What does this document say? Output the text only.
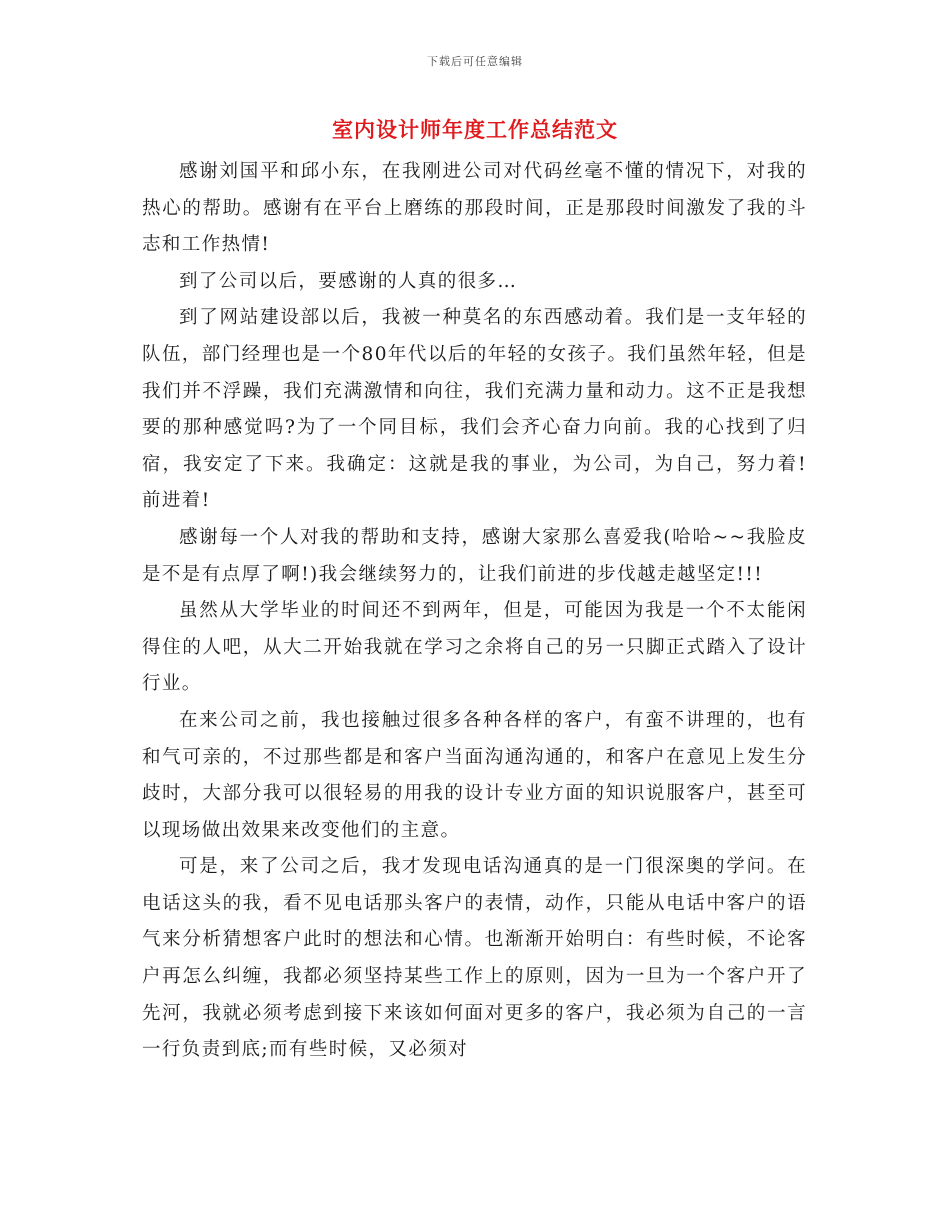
下载后可任意编辑
室内设计师年度工作总结范文

感谢刘国平和邱小东，在我刚进公司对代码丝毫不懂的情况下，对我的热心的帮助。感谢有在平台上磨练的那段时间，正是那段时间激发了我的斗志和工作热情!

到了公司以后，要感谢的人真的很多…

到了网站建设部以后，我被一种莫名的东西感动着。我们是一支年轻的队伍，部门经理也是一个80年代以后的年轻的女孩子。我们虽然年轻，但是我们并不浮躁，我们充满激情和向往，我们充满力量和动力。这不正是我想要的那种感觉吗?为了一个同目标，我们会齐心奋力向前。我的心找到了归宿，我安定了下来。我确定：这就是我的事业，为公司，为自己，努力着!前进着!

感谢每一个人对我的帮助和支持，感谢大家那么喜爱我(哈哈~~我脸皮是不是有点厚了啊!)我会继续努力的，让我们前进的步伐越走越坚定!!!

虽然从大学毕业的时间还不到两年，但是，可能因为我是一个不太能闲得住的人吧，从大二开始我就在学习之余将自己的另一只脚正式踏入了设计行业。

在来公司之前，我也接触过很多各种各样的客户，有蛮不讲理的，也有和气可亲的，不过那些都是和客户当面沟通沟通的，和客户在意见上发生分歧时，大部分我可以很轻易的用我的设计专业方面的知识说服客户，甚至可以现场做出效果来改变他们的主意。

可是，来了公司之后，我才发现电话沟通真的是一门很深奥的学问。在电话这头的我，看不见电话那头客户的表情，动作，只能从电话中客户的语气来分析猜想客户此时的想法和心情。也渐渐开始明白：有些时候，不论客户再怎么纠缠，我都必须坚持某些工作上的原则，因为一旦为一个客户开了先河，我就必须考虑到接下来该如何面对更多的客户，我必须为自己的一言一行负责到底;而有些时候，又必须对
